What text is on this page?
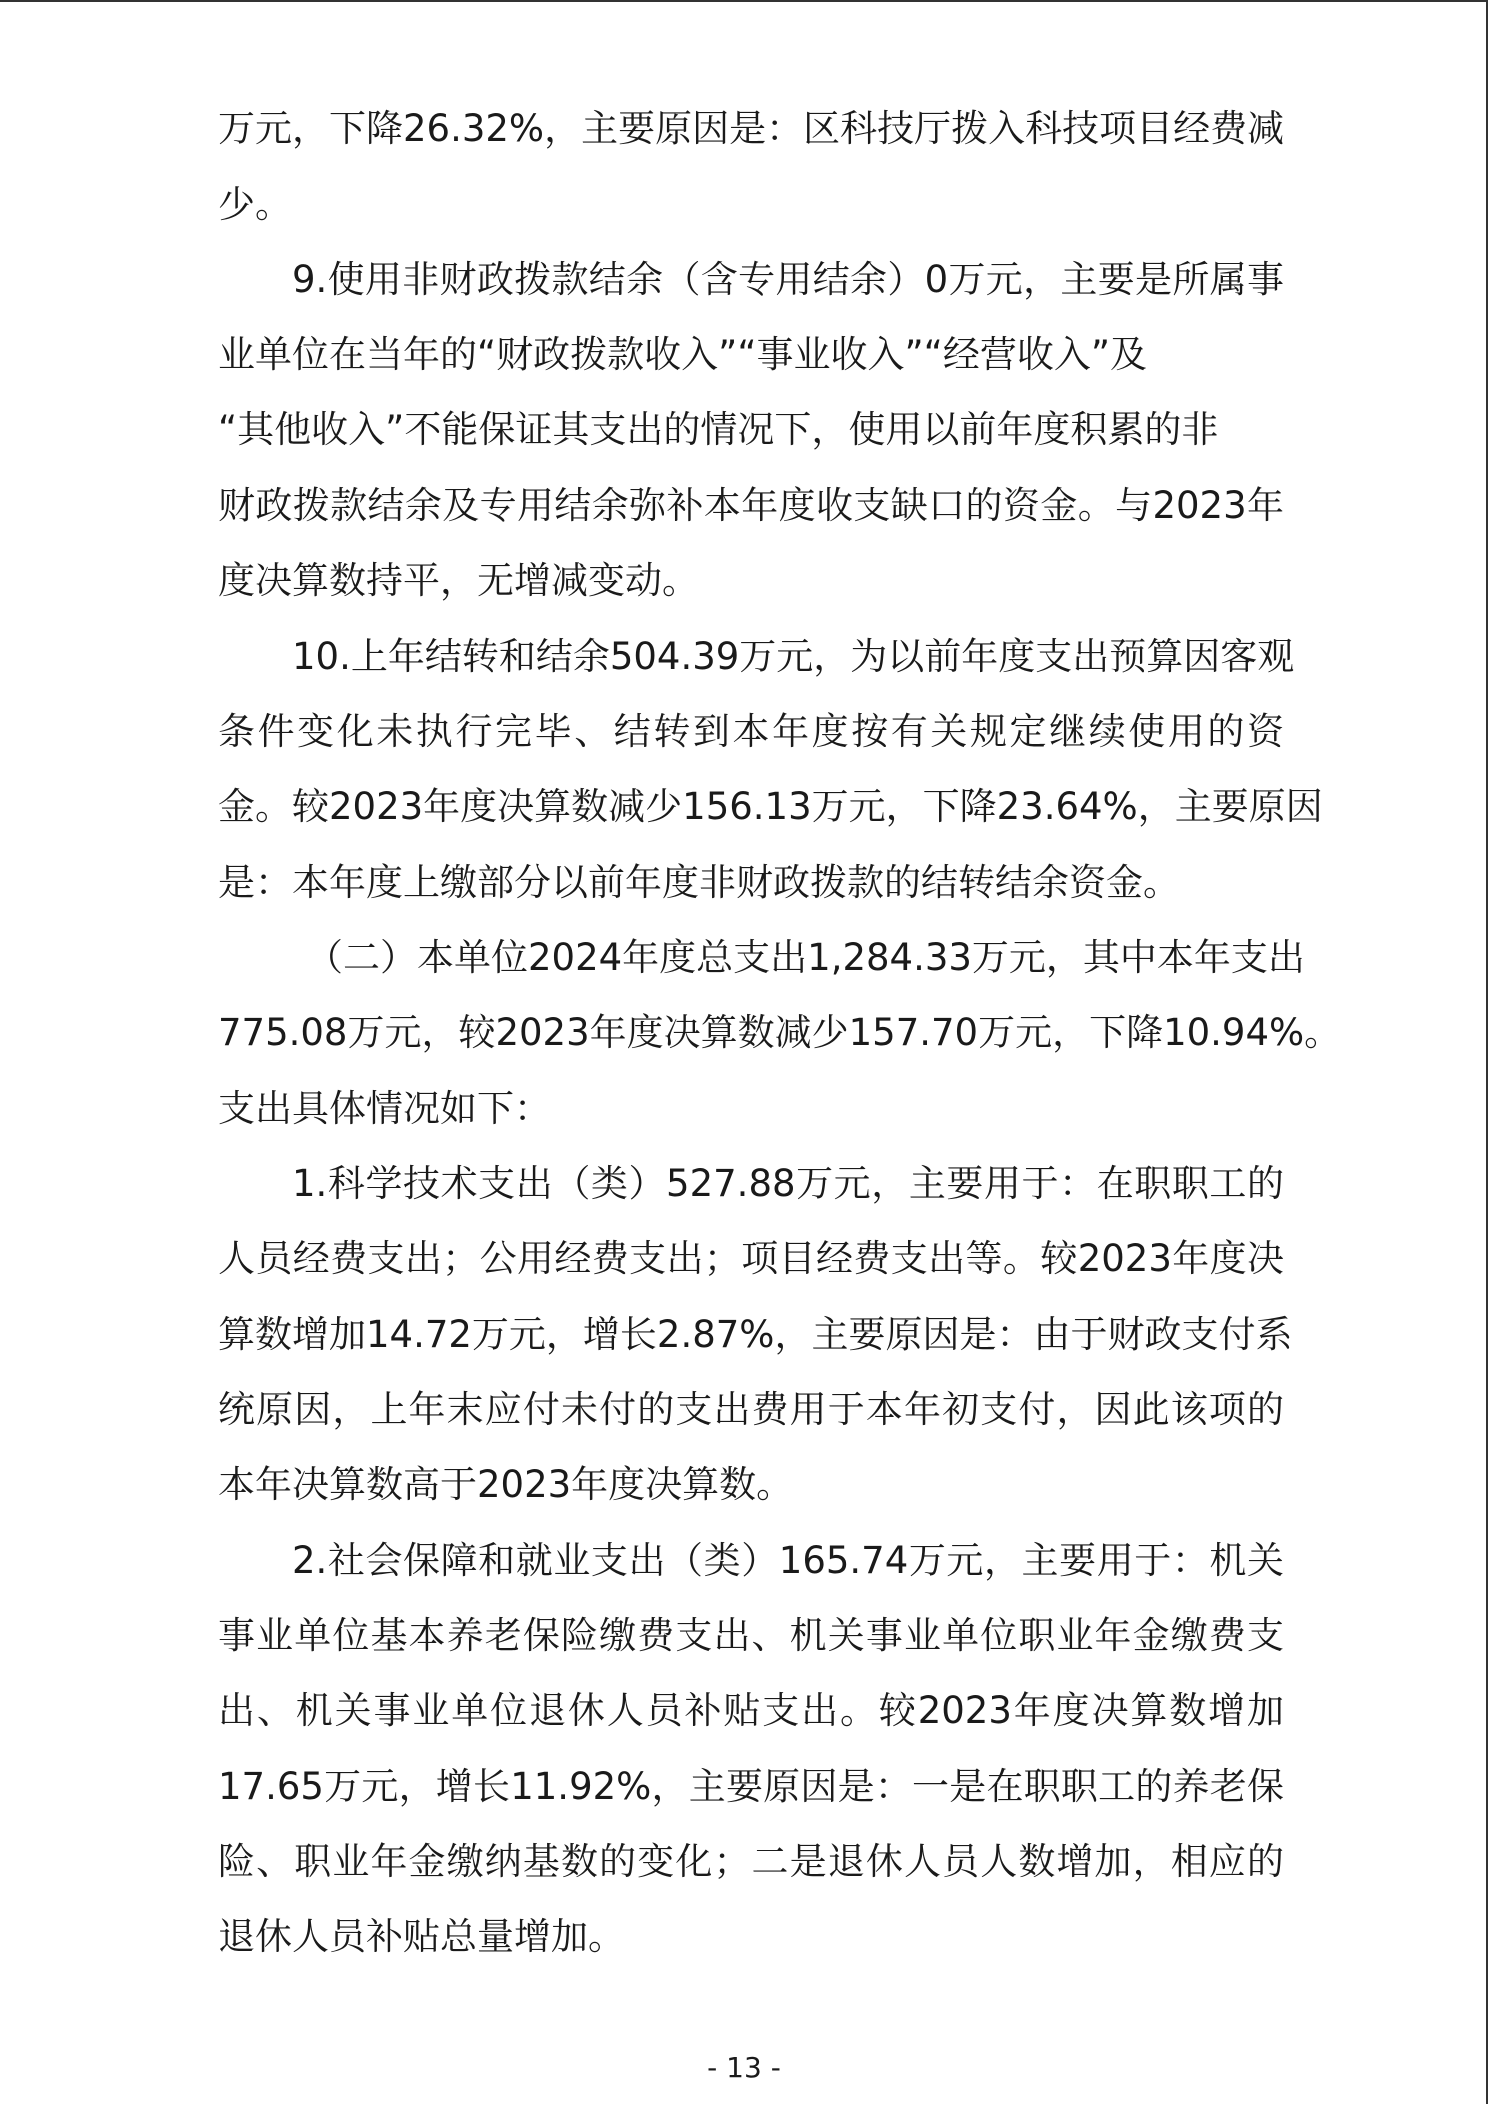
万元，下降26.32%，主要原因是：区科技厅拨入科技项目经费减
少。
9.使用非财政拨款结余（含专用结余）0万元，主要是所属事
业单位在当年的“财政拨款收入”“事业收入”“经营收入”及
“其他收入”不能保证其支出的情况下，使用以前年度积累的非
财政拨款结余及专用结余弥补本年度收支缺口的资金。与2023年
度决算数持平，无增减变动。
10.上年结转和结余504.39万元，为以前年度支出预算因客观
条件变化未执行完毕、结转到本年度按有关规定继续使用的资
金。较2023年度决算数减少156.13万元，下降23.64%，主要原因
是：本年度上缴部分以前年度非财政拨款的结转结余资金。
（二）本单位2024年度总支出1,284.33万元，其中本年支出
775.08万元，较2023年度决算数减少157.70万元，下降10.94%。
支出具体情况如下：
1.科学技术支出（类）527.88万元，主要用于：在职职工的
人员经费支出；公用经费支出；项目经费支出等。较2023年度决
算数增加14.72万元，增长2.87%，主要原因是：由于财政支付系
统原因，上年末应付未付的支出费用于本年初支付，因此该项的
本年决算数高于2023年度决算数。
2.社会保障和就业支出（类）165.74万元，主要用于：机关
事业单位基本养老保险缴费支出、机关事业单位职业年金缴费支
出、机关事业单位退休人员补贴支出。较2023年度决算数增加
17.65万元，增长11.92%，主要原因是：一是在职职工的养老保
险、职业年金缴纳基数的变化；二是退休人员人数增加，相应的
退休人员补贴总量增加。
- 13 -
